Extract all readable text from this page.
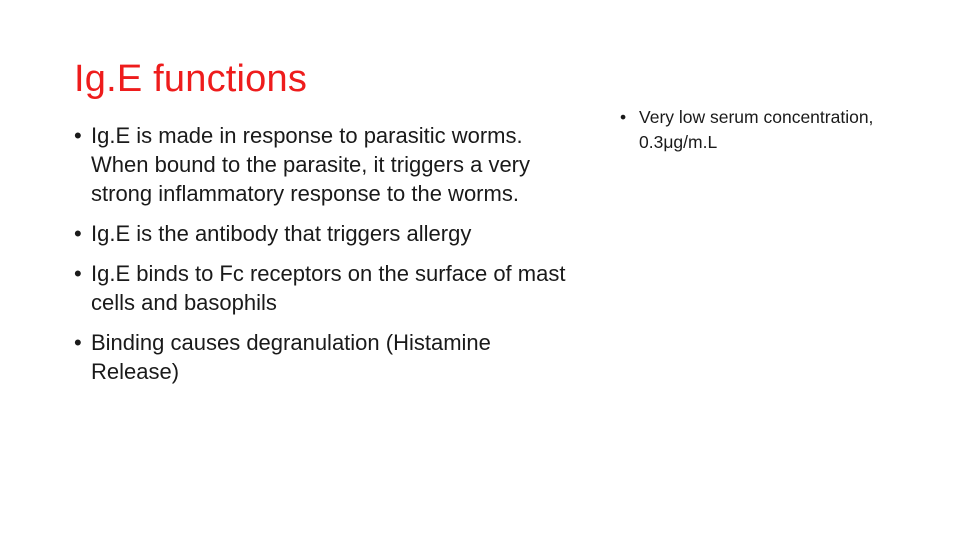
Ig.E functions
• Ig.E is made in response to parasitic worms. When bound to the parasite, it triggers a very strong inflammatory response to the worms.
• Ig.E is the antibody that triggers allergy
• Ig.E binds to Fc receptors on the surface of mast cells and basophils
• Binding causes degranulation (Histamine Release)
• Very low serum concentration, 0.3μg/m.L
